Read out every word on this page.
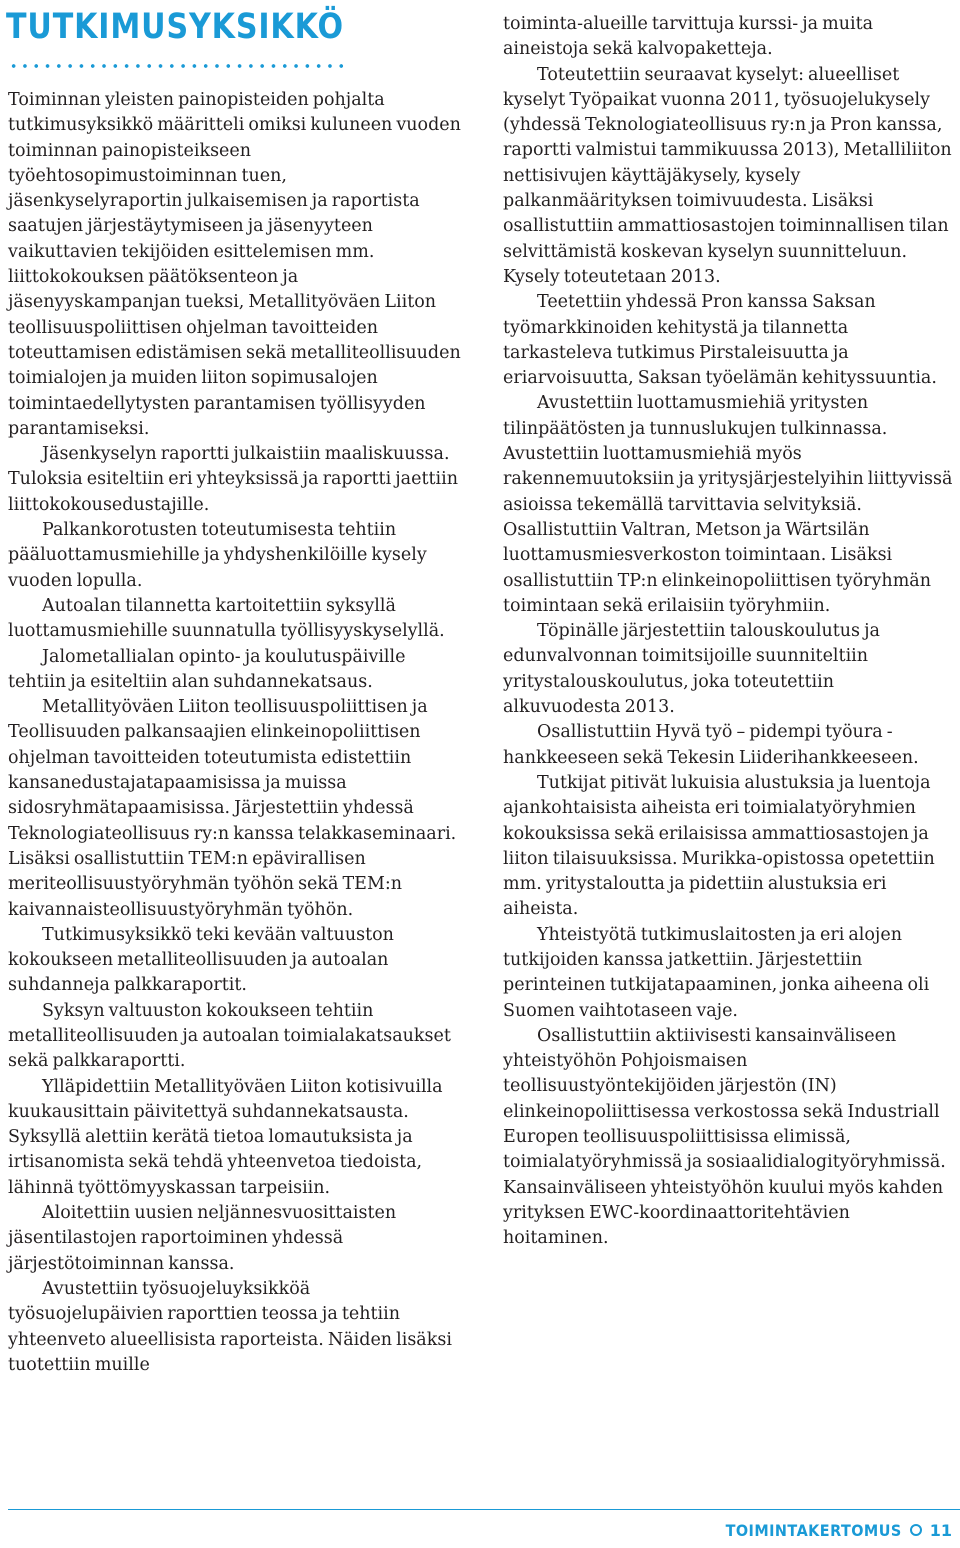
TUTKIMUSYKSIKKÖ

Toiminnan yleisten painopisteiden pohjalta tutkimusyksikkö määritteli omiksi kuluneen vuoden toiminnan painopisteikseen työehtosopimustoiminnan tuen, jäsenkyselyraportin julkaisemisen ja raportista saatujen järjestäytymiseen ja jäsenyyteen vaikuttavien tekijöiden esittelemisen mm. liittokokouksen päätöksenteon ja jäsenyyskampanjan tueksi, Metallityöväen Liiton teollisuuspoliittisen ohjelman tavoitteiden toteuttamisen edistämisen sekä metalliteollisuuden toimialojen ja muiden liiton sopimusalojen toimintaedellytysten parantamisen työllisyyden parantamiseksi.

Jäsenkyselyn raportti julkaistiin maaliskuussa. Tuloksia esiteltiin eri yhteyksissä ja raportti jaettiin liittokokousedustajille.

Palkankorotusten toteutumisesta tehtiin pääluottamusmiehille ja yhdyshenkilöille kysely vuoden lopulla.

Autoalan tilannetta kartoitettiin syksyllä luottamusmiehille suunnatulla työllisyyskyselyllä.

Jalometallialan opinto- ja koulutuspäiville tehtiin ja esiteltiin alan suhdannekatsaus.

Metallityöväen Liiton teollisuuspoliittisen ja Teollisuuden palkansaajien elinkeinopoliittisen ohjelman tavoitteiden toteutumista edistettiin kansanedustajatapaamisissa ja muissa sidosryhmätapaamisissa. Järjestettiin yhdessä Teknologiateollisuus ry:n kanssa telakkaseminaari. Lisäksi osallistuttiin TEM:n epävirallisen meriteollisuustyöryhmän työhön sekä TEM:n kaivannaisteollisuustyöryhmän työhön.

Tutkimusyksikkö teki kevään valtuuston kokoukseen metalliteollisuuden ja autoalan suhdanneja palkkaraportit.

Syksyn valtuuston kokoukseen tehtiin metalliteollisuuden ja autoalan toimialakatsaukset sekä palkkaraportti.

Ylläpidettiin Metallityöväen Liiton kotisivuilla kuukausittain päivitettyä suhdannekatsausta. Syksyllä alettiin kerätä tietoa lomautuksista ja irtisanomista sekä tehdä yhteenvetoa tiedoista, lähinnä työttömyyskassan tarpeisiin.

Aloitettiin uusien neljännesvuosittaisten jäsentilastojen raportoiminen yhdessä järjestötoiminnan kanssa.

Avustettiin työsuojeluyksikköä työsuojelupäivien raporttien teossa ja tehtiin yhteenveto alueellisista raporteista. Näiden lisäksi tuotettiin muille

toiminta-alueille tarvittuja kurssi- ja muita aineistoja sekä kalvopaketteja.

Toteutettiin seuraavat kyselyt: alueelliset kyselyt Työpaikat vuonna 2011, työsuojelukysely (yhdessä Teknologiateollisuus ry:n ja Pron kanssa, raportti valmistui tammikuussa 2013), Metalliliiton nettisivujen käyttäjäkysely, kysely palkanmäärityksen toimivuudesta. Lisäksi osallistuttiin ammattiosastojen toiminnallisen tilan selvittämistä koskevan kyselyn suunnitteluun. Kysely toteutetaan 2013.

Teetettiin yhdessä Pron kanssa Saksan työmarkkinoiden kehitystä ja tilannetta tarkasteleva tutkimus Pirstaleisuutta ja eriarvoisuutta, Saksan työelämän kehityssuuntia.

Avustettiin luottamusmiehiä yritysten tilinpäätösten ja tunnuslukujen tulkinnassa. Avustettiin luottamusmiehiä myös rakennemuutoksiin ja yritysjärjestelyihin liittyvissä asioissa tekemällä tarvittavia selvityksiä. Osallistuttiin Valtran, Metson ja Wärtsilän luottamusmiesverkoston toimintaan. Lisäksi osallistuttiin TP:n elinkeinopoliittisen työryhmän toimintaan sekä erilaisiin työryhmiin.

Töpinälle järjestettiin talouskoulutus ja edunvalvonnan toimitsijoille suunniteltiin yritystalouskoulutus, joka toteutettiin alkuvuodesta 2013.

Osallistuttiin Hyvä työ – pidempi työura -hankkeeseen sekä Tekesin Liiderihankkeeseen.

Tutkijat pitivät lukuisia alustuksia ja luentoja ajankohtaisista aiheista eri toimialatyöryhmien kokouksissa sekä erilaisissa ammattiosastojen ja liiton tilaisuuksissa. Murikka-opistossa opetettiin mm. yritystaloutta ja pidettiin alustuksia eri aiheista.

Yhteistyötä tutkimuslaitosten ja eri alojen tutkijoiden kanssa jatkettiin. Järjestettiin perinteinen tutkijatapaaminen, jonka aiheena oli Suomen vaihtotaseen vaje.

Osallistuttiin aktiivisesti kansainväliseen yhteistyöhön Pohjoismaisen teollisuustyöntekijöiden järjestön (IN) elinkeinopoliittisessa verkostossa sekä Industriall Europen teollisuuspoliittisissa elimissä, toimialatyöryhmissä ja sosiaalidialogityöryhmissä. Kansainväliseen yhteistyöhön kuului myös kahden yrityksen EWC-koordinaattoritehtävien hoitaminen.

TOIMINTAKERTOMUS 11
